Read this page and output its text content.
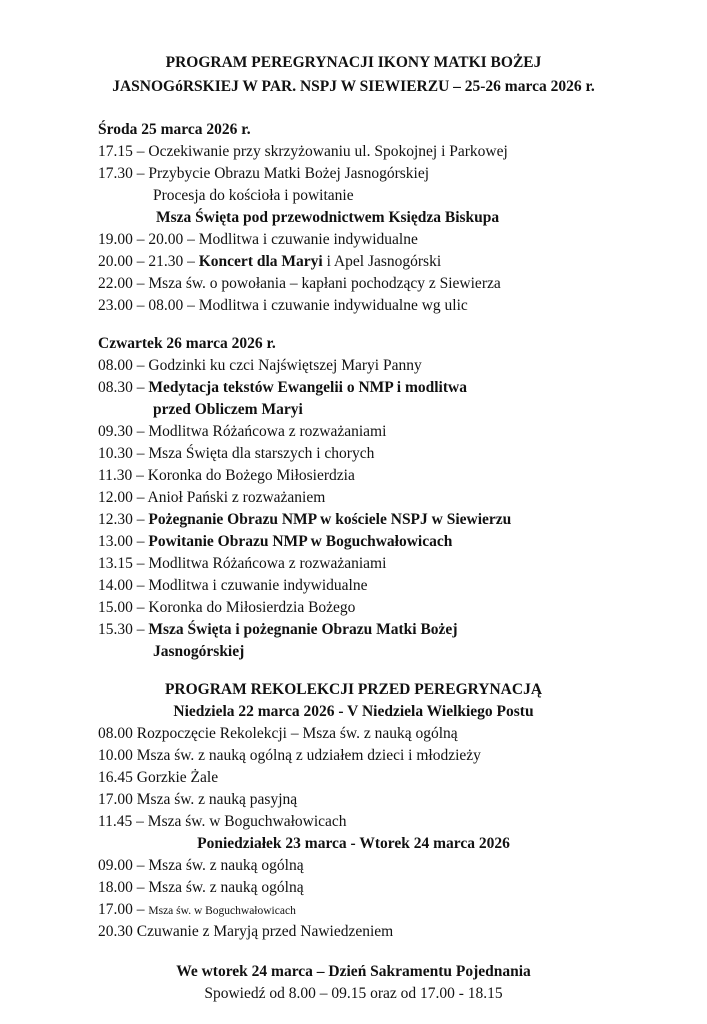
PROGRAM PEREGRYNACJI IKONY MATKI BOŻEJ
JASNOGóRSKIEJ W PAR. NSPJ W SIEWIERZU – 25-26 marca 2026 r.
Środa 25 marca 2026 r.
17.15 – Oczekiwanie przy skrzyżowaniu ul. Spokojnej i Parkowej
17.30 – Przybycie Obrazu Matki Bożej Jasnogórskiej
Procesja do kościoła i powitanie
Msza Święta pod przewodnictwem Księdza Biskupa
19.00 – 20.00 – Modlitwa i czuwanie indywidualne
20.00 – 21.30 – Koncert dla Maryi i Apel Jasnogórski
22.00 – Msza św. o powołania – kapłani pochodzący z Siewierza
23.00 – 08.00 – Modlitwa i czuwanie indywidualne wg ulic
Czwartek 26 marca 2026 r.
08.00 – Godzinki ku czci Najświętszej Maryi Panny
08.30 – Medytacja tekstów Ewangelii o NMP i modlitwa
przed Obliczem Maryi
09.30 – Modlitwa Różańcowa z rozważaniami
10.30 – Msza Święta dla starszych i chorych
11.30 – Koronka do Bożego Miłosierdzia
12.00 – Anioł Pański z rozważaniem
12.30 – Pożegnanie Obrazu NMP w kościele NSPJ w Siewierzu
13.00 – Powitanie Obrazu NMP w Boguchwałowicach
13.15 – Modlitwa Różańcowa z rozważaniami
14.00 – Modlitwa i czuwanie indywidualne
15.00 – Koronka do Miłosierdzia Bożego
15.30 – Msza Święta i pożegnanie Obrazu Matki Bożej
Jasnogórskiej
PROGRAM REKOLEKCJI PRZED PEREGRYNACJĄ
Niedziela 22 marca 2026 - V Niedziela Wielkiego Postu
08.00 Rozpoczęcie Rekolekcji – Msza św. z nauką ogólną
10.00 Msza św. z nauką ogólną z udziałem dzieci i młodzieży
16.45 Gorzkie Żale
17.00 Msza św. z nauką pasyjną
11.45 – Msza św. w Boguchwałowicach
Poniedziałek 23 marca - Wtorek 24 marca 2026
09.00 – Msza św. z nauką ogólną
18.00 – Msza św. z nauką ogólną
17.00 – Msza św. w Boguchwałowicach
20.30 Czuwanie z Maryją przed Nawiedzeniem
We wtorek 24 marca – Dzień Sakramentu Pojednania
Spowiedź od 8.00 – 09.15 oraz od 17.00 - 18.15
